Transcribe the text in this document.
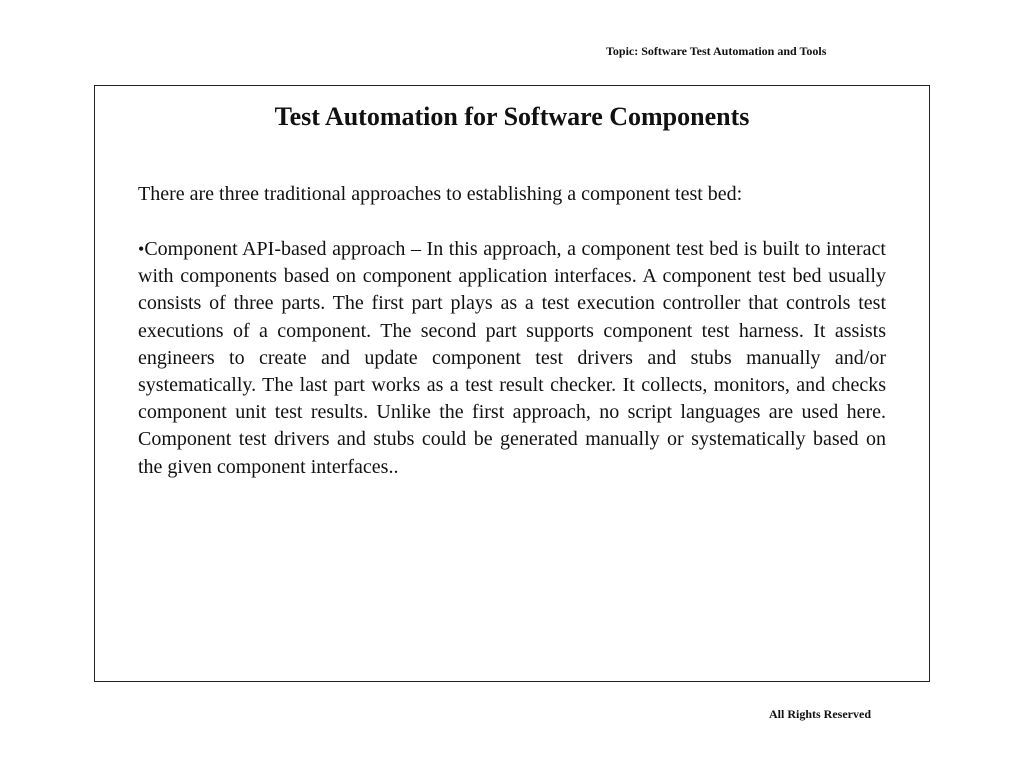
Topic: Software Test Automation and Tools
Test Automation for Software Components

There are three traditional approaches to establishing a component test bed:

•Component API-based approach – In this approach, a component test bed is built to interact with components based on component application interfaces. A component test bed usually consists of three parts. The first part plays as a test execution controller that controls test executions of a component. The second part supports component test harness. It assists engineers to create and update component test drivers and stubs manually and/or systematically. The last part works as a test result checker. It collects, monitors, and checks component unit test results. Unlike the first approach, no script languages are used here. Component test drivers and stubs could be generated manually or systematically based on the given component interfaces..

All Rights Reserved
